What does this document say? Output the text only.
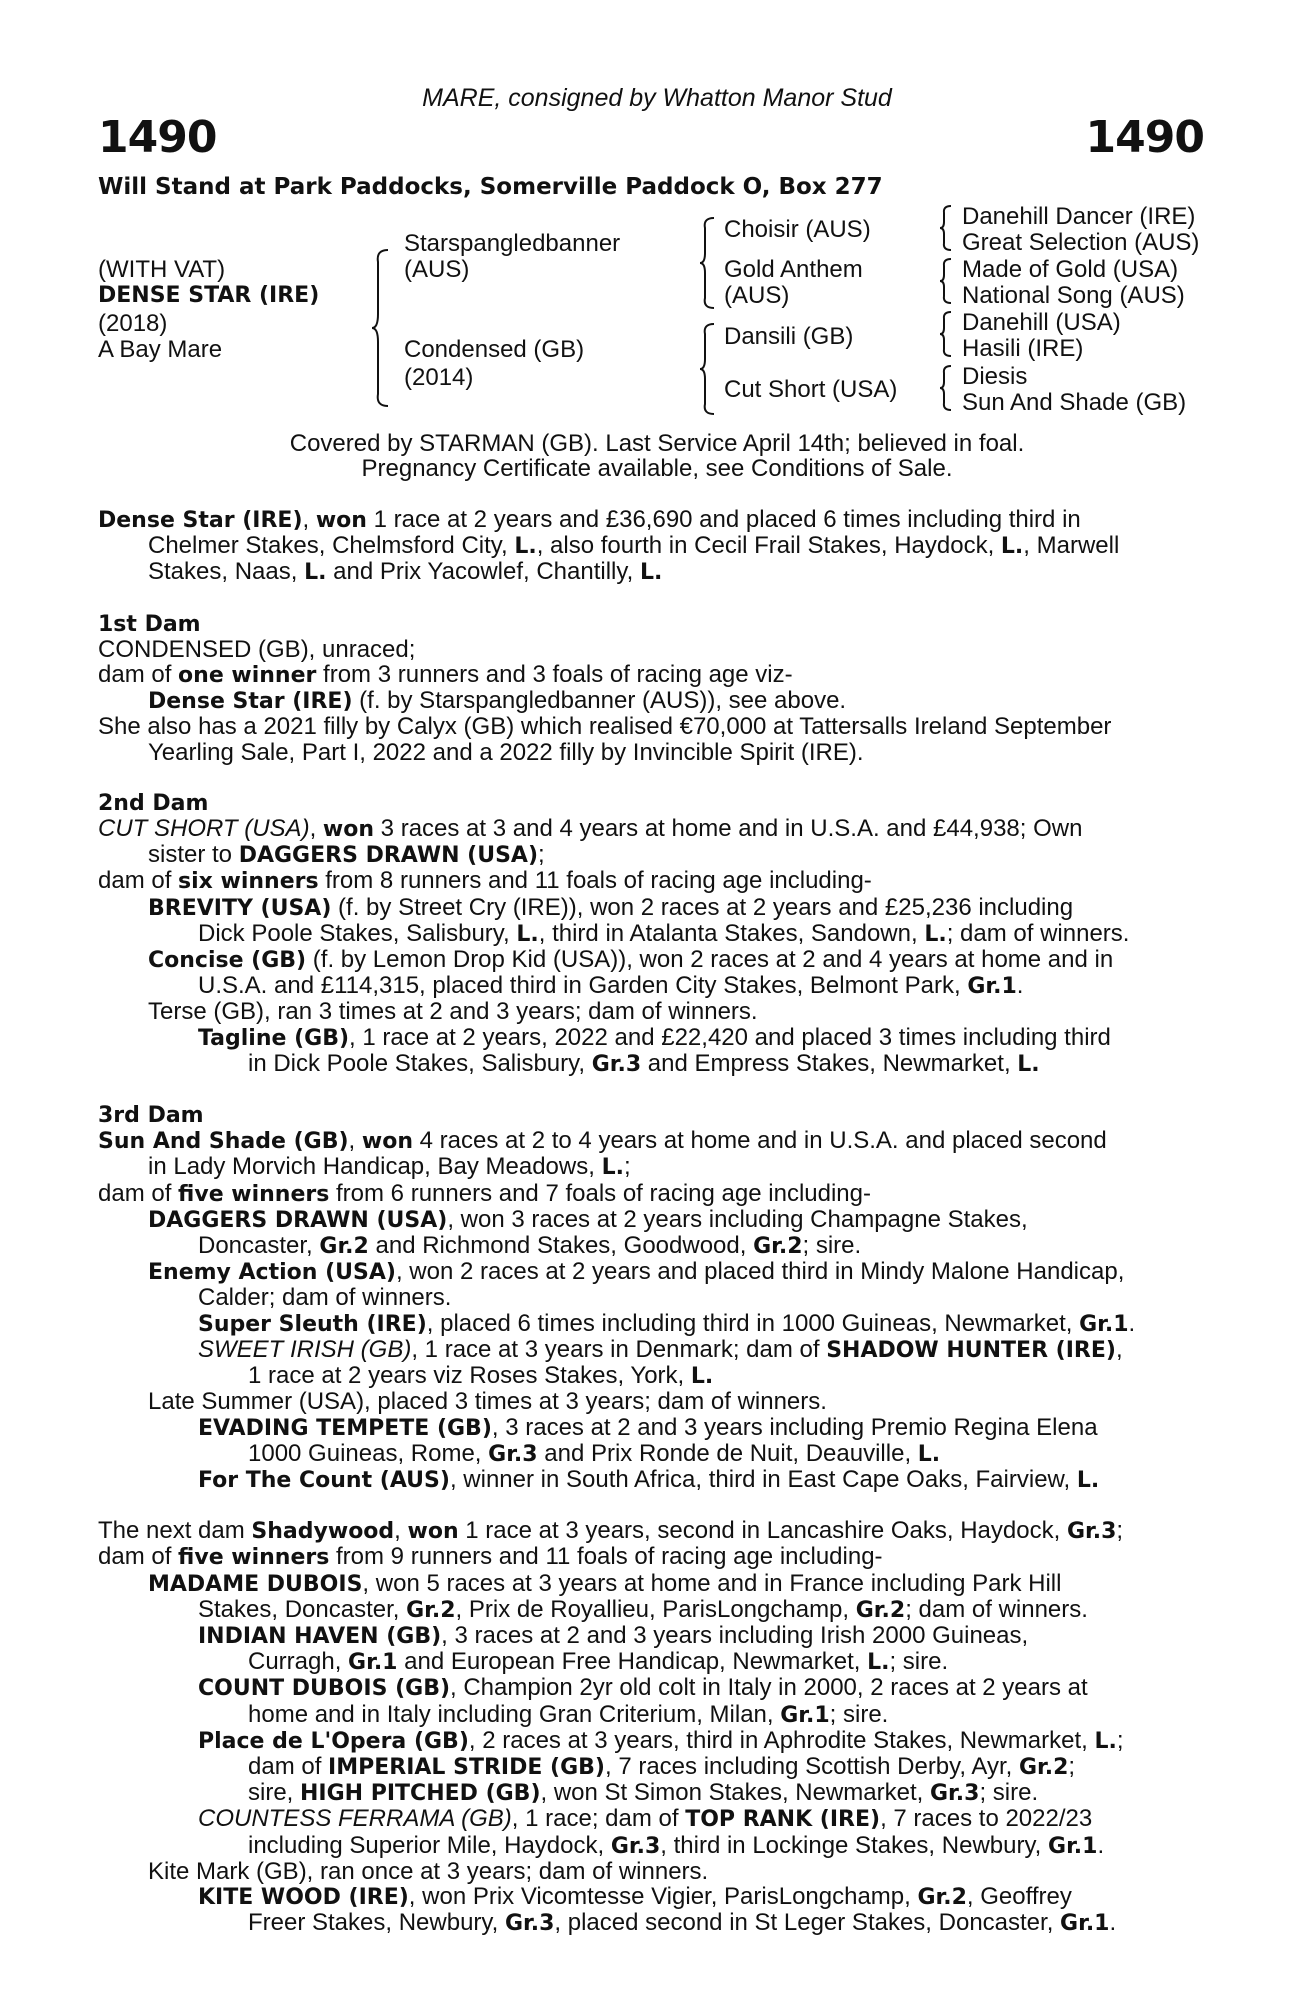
MARE, consigned by Whatton Manor Stud
1490	1490
Will Stand at Park Paddocks, Somerville Paddock O, Box 277
(WITH VAT)
DENSE STAR (IRE)
(2018)
A Bay Mare
Starspangledbanner
(AUS)
Condensed (GB)
(2014)
Choisir (AUS)
Gold Anthem
(AUS)
Dansili (GB)
Cut Short (USA)
Danehill Dancer (IRE)
Great Selection (AUS)
Made of Gold (USA)
National Song (AUS)
Danehill (USA)
Hasili (IRE)
Diesis
Sun And Shade (GB)
Covered by STARMAN (GB). Last Service April 14th; believed in foal.
Pregnancy Certificate available, see Conditions of Sale.
Dense Star (IRE), won 1 race at 2 years and £36,690 and placed 6 times including third in
Chelmer Stakes, Chelmsford City, L., also fourth in Cecil Frail Stakes, Haydock, L., Marwell
Stakes, Naas, L. and Prix Yacowlef, Chantilly, L.
1st Dam
CONDENSED (GB), unraced;
dam of one winner from 3 runners and 3 foals of racing age viz-
Dense Star (IRE) (f. by Starspangledbanner (AUS)), see above.
She also has a 2021 filly by Calyx (GB) which realised €70,000 at Tattersalls Ireland September
Yearling Sale, Part I, 2022 and a 2022 filly by Invincible Spirit (IRE).
2nd Dam
CUT SHORT (USA), won 3 races at 3 and 4 years at home and in U.S.A. and £44,938; Own
sister to DAGGERS DRAWN (USA);
dam of six winners from 8 runners and 11 foals of racing age including-
BREVITY (USA) (f. by Street Cry (IRE)), won 2 races at 2 years and £25,236 including
Dick Poole Stakes, Salisbury, L., third in Atalanta Stakes, Sandown, L.; dam of winners.
Concise (GB) (f. by Lemon Drop Kid (USA)), won 2 races at 2 and 4 years at home and in
U.S.A. and £114,315, placed third in Garden City Stakes, Belmont Park, Gr.1.
Terse (GB), ran 3 times at 2 and 3 years; dam of winners.
Tagline (GB), 1 race at 2 years, 2022 and £22,420 and placed 3 times including third
in Dick Poole Stakes, Salisbury, Gr.3 and Empress Stakes, Newmarket, L.
3rd Dam
Sun And Shade (GB), won 4 races at 2 to 4 years at home and in U.S.A. and placed second
in Lady Morvich Handicap, Bay Meadows, L.;
dam of five winners from 6 runners and 7 foals of racing age including-
DAGGERS DRAWN (USA), won 3 races at 2 years including Champagne Stakes,
Doncaster, Gr.2 and Richmond Stakes, Goodwood, Gr.2; sire.
Enemy Action (USA), won 2 races at 2 years and placed third in Mindy Malone Handicap,
Calder; dam of winners.
Super Sleuth (IRE), placed 6 times including third in 1000 Guineas, Newmarket, Gr.1.
SWEET IRISH (GB), 1 race at 3 years in Denmark; dam of SHADOW HUNTER (IRE),
1 race at 2 years viz Roses Stakes, York, L.
Late Summer (USA), placed 3 times at 3 years; dam of winners.
EVADING TEMPETE (GB), 3 races at 2 and 3 years including Premio Regina Elena
1000 Guineas, Rome, Gr.3 and Prix Ronde de Nuit, Deauville, L.
For The Count (AUS), winner in South Africa, third in East Cape Oaks, Fairview, L.
The next dam Shadywood, won 1 race at 3 years, second in Lancashire Oaks, Haydock, Gr.3;
dam of five winners from 9 runners and 11 foals of racing age including-
MADAME DUBOIS, won 5 races at 3 years at home and in France including Park Hill
Stakes, Doncaster, Gr.2, Prix de Royallieu, ParisLongchamp, Gr.2; dam of winners.
INDIAN HAVEN (GB), 3 races at 2 and 3 years including Irish 2000 Guineas,
Curragh, Gr.1 and European Free Handicap, Newmarket, L.; sire.
COUNT DUBOIS (GB), Champion 2yr old colt in Italy in 2000, 2 races at 2 years at
home and in Italy including Gran Criterium, Milan, Gr.1; sire.
Place de L'Opera (GB), 2 races at 3 years, third in Aphrodite Stakes, Newmarket, L.;
dam of IMPERIAL STRIDE (GB), 7 races including Scottish Derby, Ayr, Gr.2;
sire, HIGH PITCHED (GB), won St Simon Stakes, Newmarket, Gr.3; sire.
COUNTESS FERRAMA (GB), 1 race; dam of TOP RANK (IRE), 7 races to 2022/23
including Superior Mile, Haydock, Gr.3, third in Lockinge Stakes, Newbury, Gr.1.
Kite Mark (GB), ran once at 3 years; dam of winners.
KITE WOOD (IRE), won Prix Vicomtesse Vigier, ParisLongchamp, Gr.2, Geoffrey
Freer Stakes, Newbury, Gr.3, placed second in St Leger Stakes, Doncaster, Gr.1.
